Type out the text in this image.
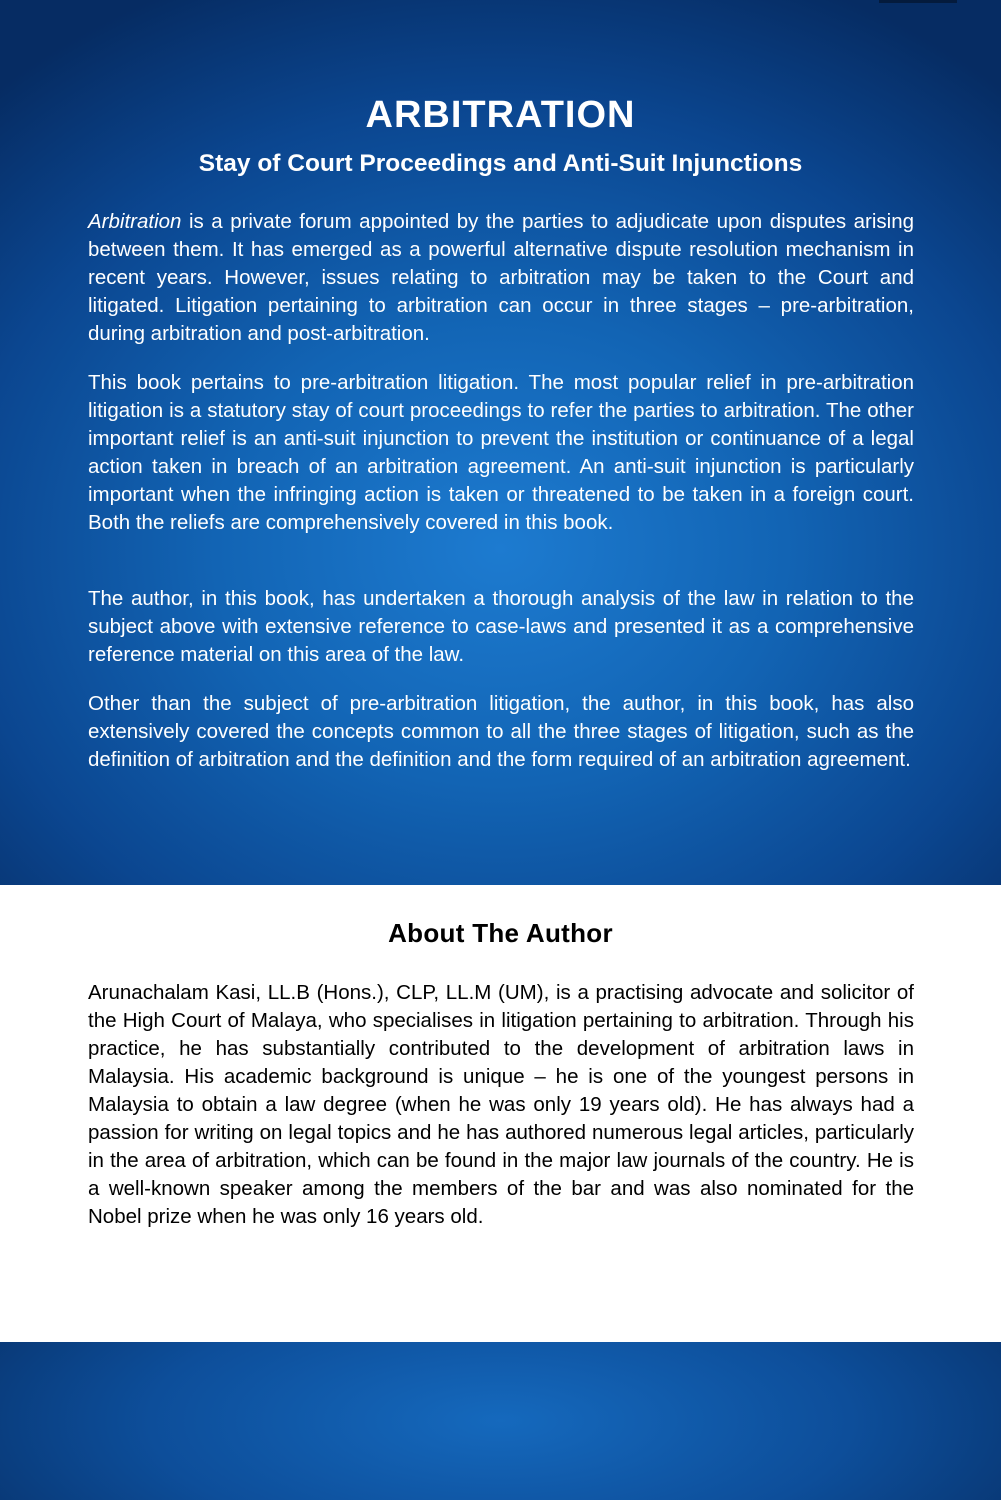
ARBITRATION
Stay of Court Proceedings and Anti-Suit Injunctions

Arbitration is a private forum appointed by the parties to adjudicate upon disputes arising between them. It has emerged as a powerful alternative dispute resolution mechanism in recent years. However, issues relating to arbitration may be taken to the Court and litigated. Litigation pertaining to arbitration can occur in three stages – pre-arbitration, during arbitration and post-arbitration.

This book pertains to pre-arbitration litigation. The most popular relief in pre-arbitration litigation is a statutory stay of court proceedings to refer the parties to arbitration. The other important relief is an anti-suit injunction to prevent the institution or continuance of a legal action taken in breach of an arbitration agreement. An anti-suit injunction is particularly important when the infringing action is taken or threatened to be taken in a foreign court. Both the reliefs are comprehensively covered in this book.

The author, in this book, has undertaken a thorough analysis of the law in relation to the subject above with extensive reference to case-laws and presented it as a comprehensive reference material on this area of the law.

Other than the subject of pre-arbitration litigation, the author, in this book, has also extensively covered the concepts common to all the three stages of litigation, such as the definition of arbitration and the definition and the form required of an arbitration agreement.

About The Author

Arunachalam Kasi, LL.B (Hons.), CLP, LL.M (UM), is a practising advocate and solicitor of the High Court of Malaya, who specialises in litigation pertaining to arbitration. Through his practice, he has substantially contributed to the development of arbitration laws in Malaysia. His academic background is unique – he is one of the youngest persons in Malaysia to obtain a law degree (when he was only 19 years old). He has always had a passion for writing on legal topics and he has authored numerous legal articles, particularly in the area of arbitration, which can be found in the major law journals of the country. He is a well-known speaker among the members of the bar and was also nominated for the Nobel prize when he was only 16 years old.
